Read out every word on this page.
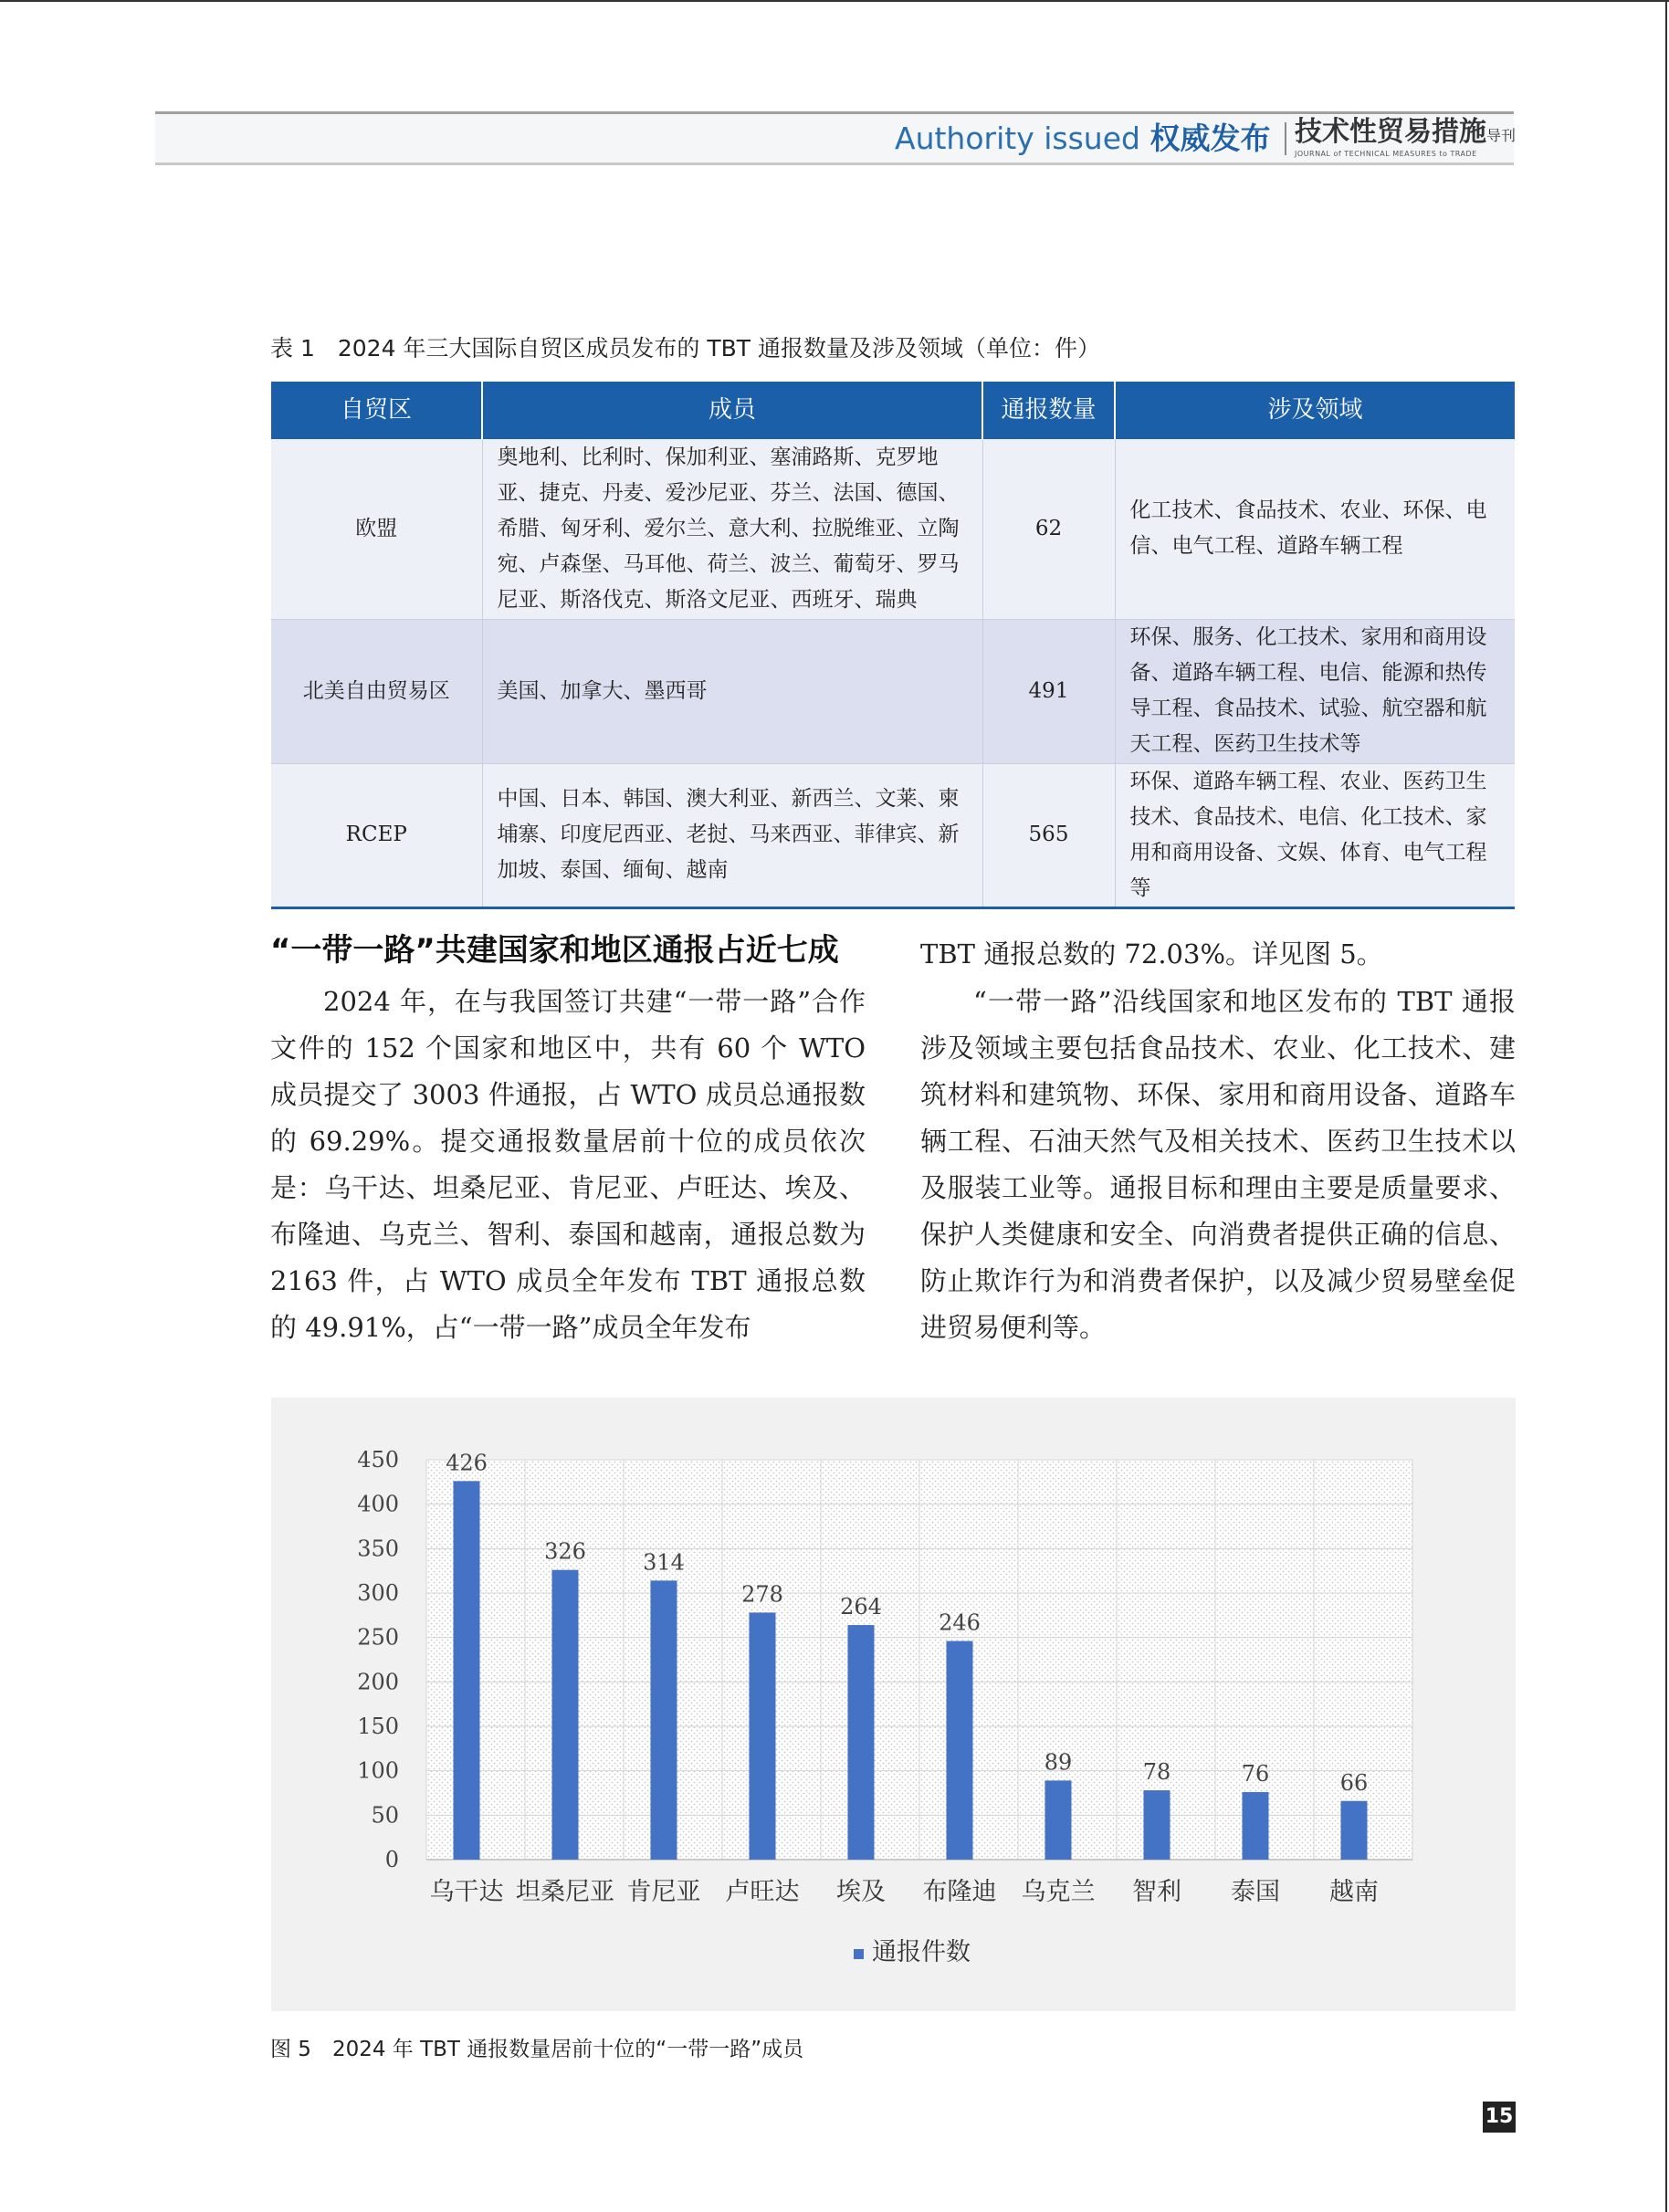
Authority issued 权威发布 技术性贸易措施导刊
JOURNAL of TECHNICAL MEASURES to TRADE
表 1　2024 年三大国际自贸区成员发布的 TBT 通报数量及涉及领域（单位：件）
自贸区	成员	通报数量	涉及领域
欧盟	奥地利、比利时、保加利亚、塞浦路斯、克罗地亚、捷克、丹麦、爱沙尼亚、芬兰、法国、德国、希腊、匈牙利、爱尔兰、意大利、拉脱维亚、立陶宛、卢森堡、马耳他、荷兰、波兰、葡萄牙、罗马尼亚、斯洛伐克、斯洛文尼亚、西班牙、瑞典	62	化工技术、食品技术、农业、环保、电信、电气工程、道路车辆工程
北美自由贸易区	美国、加拿大、墨西哥	491	环保、服务、化工技术、家用和商用设备、道路车辆工程、电信、能源和热传导工程、食品技术、试验、航空器和航天工程、医药卫生技术等
RCEP	中国、日本、韩国、澳大利亚、新西兰、文莱、柬埔寨、印度尼西亚、老挝、马来西亚、菲律宾、新加坡、泰国、缅甸、越南	565	环保、道路车辆工程、农业、医药卫生技术、食品技术、电信、化工技术、家用和商用设备、文娱、体育、电气工程等
“一带一路”共建国家和地区通报占近七成
2024 年，在与我国签订共建“一带一路”合作文件的 152 个国家和地区中，共有 60 个 WTO 成员提交了 3003 件通报，占 WTO 成员总通报数的 69.29%。提交通报数量居前十位的成员依次是：乌干达、坦桑尼亚、肯尼亚、卢旺达、埃及、布隆迪、乌克兰、智利、泰国和越南，通报总数为 2163 件，占 WTO 成员全年发布 TBT 通报总数的 49.91%，占“一带一路”成员全年发布
TBT 通报总数的 72.03%。详见图 5。
“一带一路”沿线国家和地区发布的 TBT 通报涉及领域主要包括食品技术、农业、化工技术、建筑材料和建筑物、环保、家用和商用设备、道路车辆工程、石油天然气及相关技术、医药卫生技术以及服装工业等。通报目标和理由主要是质量要求、保护人类健康和安全、向消费者提供正确的信息、防止欺诈行为和消费者保护，以及减少贸易壁垒促进贸易便利等。
426
326	314
278	264
246
89	78	76	66
0
50
100
150
200
250
300
350
400
450
乌干达 坦桑尼亚 肯尼亚 卢旺达 埃及 布隆迪 乌克兰 智利 泰国 越南
通报件数
图 5　2024 年 TBT 通报数量居前十位的“一带一路”成员
15
